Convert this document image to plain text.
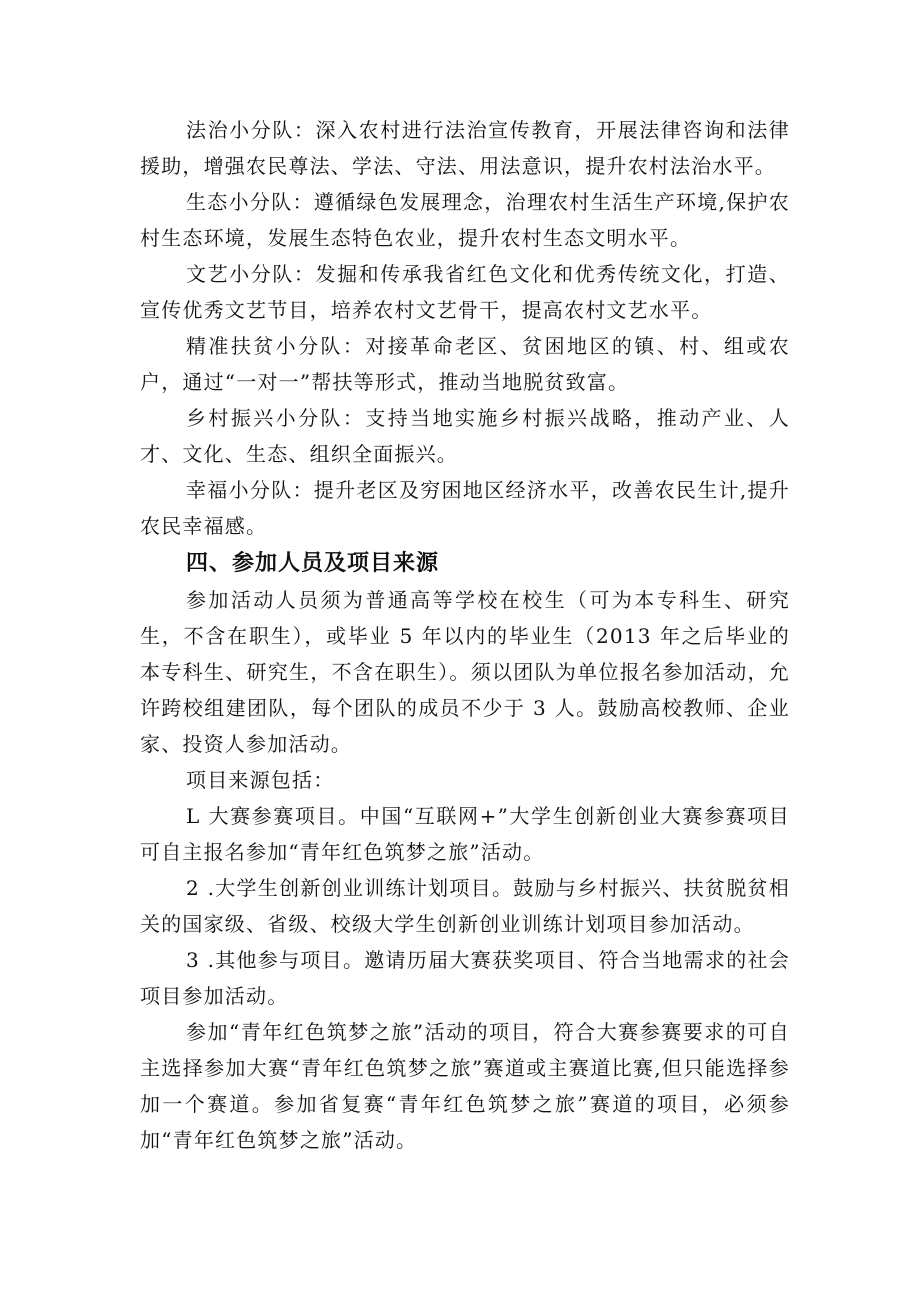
法治小分队：深入农村进行法治宣传教育，开展法律咨询和法律援助，增强农民尊法、学法、守法、用法意识，提升农村法治水平。

生态小分队：遵循绿色发展理念，治理农村生活生产环境,保护农村生态环境，发展生态特色农业，提升农村生态文明水平。

文艺小分队：发掘和传承我省红色文化和优秀传统文化，打造、宣传优秀文艺节目，培养农村文艺骨干，提高农村文艺水平。

精准扶贫小分队：对接革命老区、贫困地区的镇、村、组或农户，通过“一对一”帮扶等形式，推动当地脱贫致富。

乡村振兴小分队：支持当地实施乡村振兴战略，推动产业、人才、文化、生态、组织全面振兴。

幸福小分队：提升老区及穷困地区经济水平，改善农民生计,提升农民幸福感。

四、参加人员及项目来源

参加活动人员须为普通高等学校在校生（可为本专科生、研究生，不含在职生），或毕业 5 年以内的毕业生（2013 年之后毕业的本专科生、研究生，不含在职生）。须以团队为单位报名参加活动，允许跨校组建团队，每个团队的成员不少于 3 人。鼓励高校教师、企业家、投资人参加活动。

项目来源包括：

L 大赛参赛项目。中国“互联网+”大学生创新创业大赛参赛项目可自主报名参加“青年红色筑梦之旅”活动。

2 .大学生创新创业训练计划项目。鼓励与乡村振兴、扶贫脱贫相关的国家级、省级、校级大学生创新创业训练计划项目参加活动。

3 .其他参与项目。邀请历届大赛获奖项目、符合当地需求的社会项目参加活动。

参加“青年红色筑梦之旅”活动的项目，符合大赛参赛要求的可自主选择参加大赛“青年红色筑梦之旅”赛道或主赛道比赛,但只能选择参加一个赛道。参加省复赛“青年红色筑梦之旅”赛道的项目，必须参加“青年红色筑梦之旅”活动。
